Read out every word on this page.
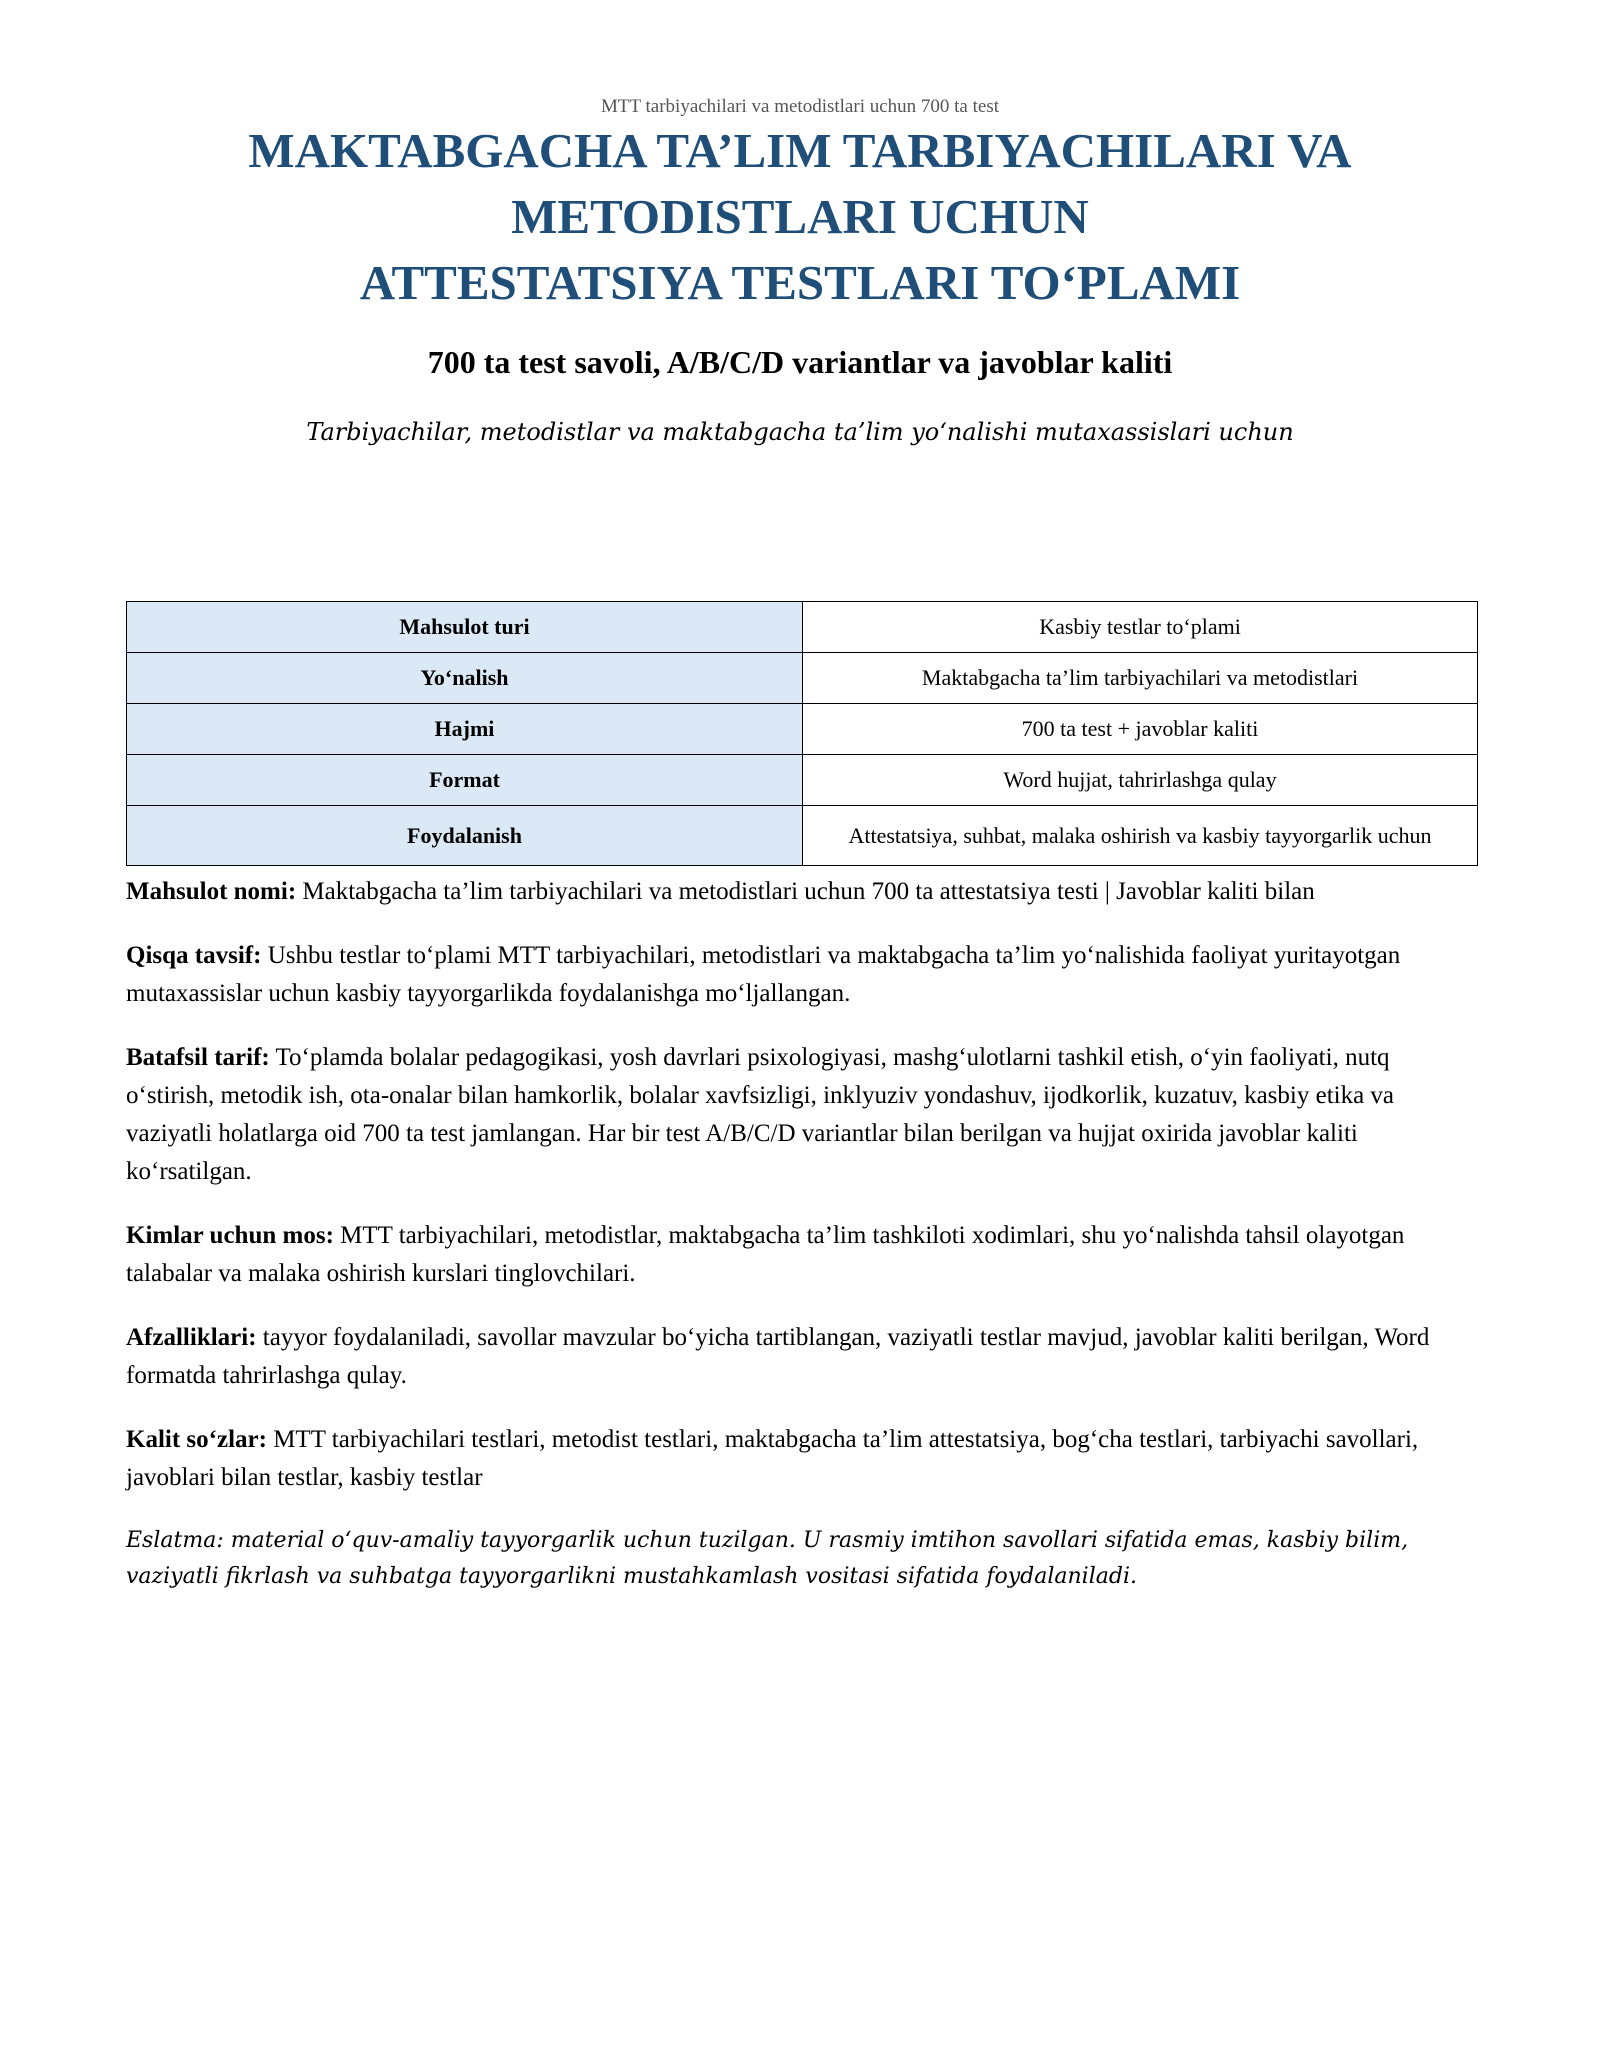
MTT tarbiyachilari va metodistlari uchun 700 ta test
MAKTABGACHA TA’LIM TARBIYACHILARI VA
METODISTLARI UCHUN
ATTESTATSIYA TESTLARI TO‘PLAMI
700 ta test savoli, A/B/C/D variantlar va javoblar kaliti

Tarbiyachilar, metodistlar va maktabgacha ta’lim yo‘nalishi mutaxassislari uchun

Mahsulot turi	Kasbiy testlar to‘plami
Yo‘nalish	Maktabgacha ta’lim tarbiyachilari va metodistlari
Hajmi	700 ta test + javoblar kaliti
Format	Word hujjat, tahrirlashga qulay
Foydalanish	Attestatsiya, suhbat, malaka oshirish va kasbiy tayyorgarlik uchun

Mahsulot nomi: Maktabgacha ta’lim tarbiyachilari va metodistlari uchun 700 ta attestatsiya testi | Javoblar kaliti bilan

Qisqa tavsif: Ushbu testlar to‘plami MTT tarbiyachilari, metodistlari va maktabgacha ta’lim yo‘nalishida faoliyat yuritayotgan mutaxassislar uchun kasbiy tayyorgarlikda foydalanishga mo‘ljallangan.

Batafsil tarif: To‘plamda bolalar pedagogikasi, yosh davrlari psixologiyasi, mashg‘ulotlarni tashkil etish, o‘yin faoliyati, nutq o‘stirish, metodik ish, ota-onalar bilan hamkorlik, bolalar xavfsizligi, inklyuziv yondashuv, ijodkorlik, kuzatuv, kasbiy etika va vaziyatli holatlarga oid 700 ta test jamlangan. Har bir test A/B/C/D variantlar bilan berilgan va hujjat oxirida javoblar kaliti ko‘rsatilgan.

Kimlar uchun mos: MTT tarbiyachilari, metodistlar, maktabgacha ta’lim tashkiloti xodimlari, shu yo‘nalishda tahsil olayotgan talabalar va malaka oshirish kurslari tinglovchilari.

Afzalliklari: tayyor foydalaniladi, savollar mavzular bo‘yicha tartiblangan, vaziyatli testlar mavjud, javoblar kaliti berilgan, Word formatda tahrirlashga qulay.

Kalit so‘zlar: MTT tarbiyachilari testlari, metodist testlari, maktabgacha ta’lim attestatsiya, bog‘cha testlari, tarbiyachi savollari, javoblari bilan testlar, kasbiy testlar

Eslatma: material o‘quv-amaliy tayyorgarlik uchun tuzilgan. U rasmiy imtihon savollari sifatida emas, kasbiy bilim, vaziyatli fikrlash va suhbatga tayyorgarlikni mustahkamlash vositasi sifatida foydalaniladi.
